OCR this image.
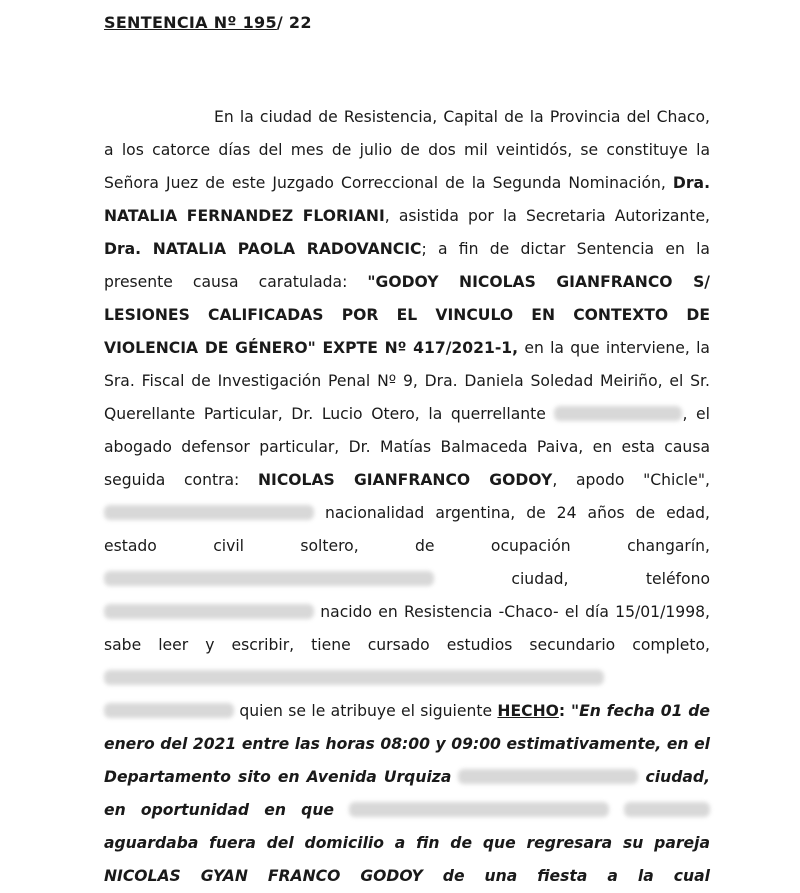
SENTENCIA Nº 195/ 22
En la ciudad de Resistencia, Capital de la Provincia del Chaco, a los catorce días del mes de julio de dos mil veintidós, se constituye la Señora Juez de este Juzgado Correccional de la Segunda Nominación, Dra. NATALIA FERNANDEZ FLORIANI, asistida por la Secretaria Autorizante, Dra. NATALIA PAOLA RADOVANCIC; a fin de dictar Sentencia en la presente causa caratulada: "GODOY NICOLAS GIANFRANCO S/ LESIONES CALIFICADAS POR EL VINCULO EN CONTEXTO DE VIOLENCIA DE GÉNERO" EXPTE Nº 417/2021-1, en la que interviene, la Sra. Fiscal de Investigación Penal Nº 9, Dra. Daniela Soledad Meiriño, el Sr. Querellante Particular, Dr. Lucio Otero, la querrellante	, el abogado defensor particular, Dr. Matías Balmaceda Paiva, en esta causa seguida contra: NICOLAS GIANFRANCO GODOY, apodo "Chicle",  nacionalidad argentina, de 24 años de edad, estado civil soltero, de ocupación changarín,  ciudad, teléfono  nacido en Resistencia -Chaco- el día 15/01/1998, sabe leer y escribir, tiene cursado estudios secundario completo,   quien se le atribuye el siguiente HECHO: "En fecha 01 de enero del 2021 entre las horas 08:00 y 09:00 estimativamente, en el Departamento sito en Avenida Urquiza	ciudad, en oportunidad en que   aguardaba fuera del domicilio a fin de que regresara su pareja NICOLAS GYAN FRANCO GODOY de una fiesta a la cual
